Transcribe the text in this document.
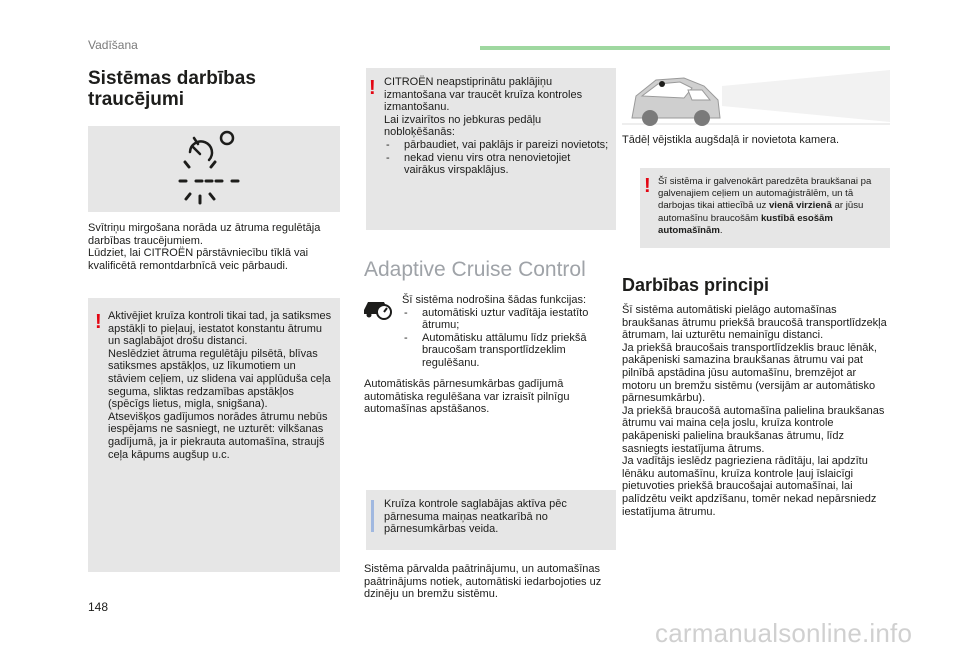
Vadīšana
Sistēmas darbības traucējumi
Svītriņu mirgošana norāda uz ātruma regulētāja darbības traucējumiem.
Lūdziet, lai CITROËN pārstāvniecību tīklā vai kvalificētā remontdarbnīcā veic pārbaudi.
! Aktivējiet kruīza kontroli tikai tad, ja satiksmes apstākļi to pieļauj, iestatot konstantu ātrumu un saglabājot drošu distanci.
Neslēdziet ātruma regulētāju pilsētā, blīvas satiksmes apstākļos, uz līkumotiem un stāviem ceļiem, uz slidena vai applūduša ceļa seguma, sliktas redzamības apstākļos (spēcīgs lietus, migla, snigšana).
Atsevišķos gadījumos norādes ātrumu nebūs iespējams ne sasniegt, ne uzturēt: vilkšanas gadījumā, ja ir piekrauta automašīna, straujš ceļa kāpums augšup u.c.
! CITROËN neapstiprinātu paklājiņu izmantošana var traucēt kruīza kontroles izmantošanu.
Lai izvairītos no jebkuras pedāļu nobloķēšanās:
- pārbaudiet, vai paklājs ir pareizi novietots;
- nekad vienu virs otra nenovietojiet vairākus virspaklājus.
Adaptive Cruise Control
Šī sistēma nodrošina šādas funkcijas:
- automātiski uztur vadītāja iestatīto ātrumu;
- Automātisku attālumu līdz priekšā braucošam transportlīdzeklim regulēšanu.
Automātiskās pārnesumkārbas gadījumā automātiska regulēšana var izraisīt pilnīgu automašīnas apstāšanos.
Kruīza kontrole saglabājas aktīva pēc pārnesuma maiņas neatkarībā no pārnesumkārbas veida.
Sistēma pārvalda paātrinājumu, un automašīnas paātrinājums notiek, automātiski iedarbojoties uz dzinēju un bremžu sistēmu.
Tādēļ vējstikla augšdaļā ir novietota kamera.
! Šī sistēma ir galvenokārt paredzēta braukšanai pa galvenajiem ceļiem un automaģistrālēm, un tā darbojas tikai attiecībā uz vienā virzienā ar jūsu automašīnu braucošām kustībā esošām automašīnām.
Darbības principi
Šī sistēma automātiski pielāgo automašīnas braukšanas ātrumu priekšā braucošā transportlīdzekļa ātrumam, lai uzturētu nemainīgu distanci.
Ja priekšā braucošais transportlīdzeklis brauc lēnāk, pakāpeniski samazina braukšanas ātrumu vai pat pilnībā apstādina jūsu automašīnu, bremzējot ar motoru un bremžu sistēmu (versijām ar automātisko pārnesumkārbu).
Ja priekšā braucošā automašīna palielina braukšanas ātrumu vai maina ceļa joslu, kruīza kontrole pakāpeniski palielina braukšanas ātrumu, līdz sasniegts iestatījuma ātrums.
Ja vadītājs ieslēdz pagrieziena rādītāju, lai apdzītu lēnāku automašīnu, kruīza kontrole ļauj īslaicīgi pietuvoties priekšā braucošajai automašīnai, lai palīdzētu veikt apdzīšanu, tomēr nekad nepārsniedz iestatījuma ātrumu.
148
carmanualsonline.info
